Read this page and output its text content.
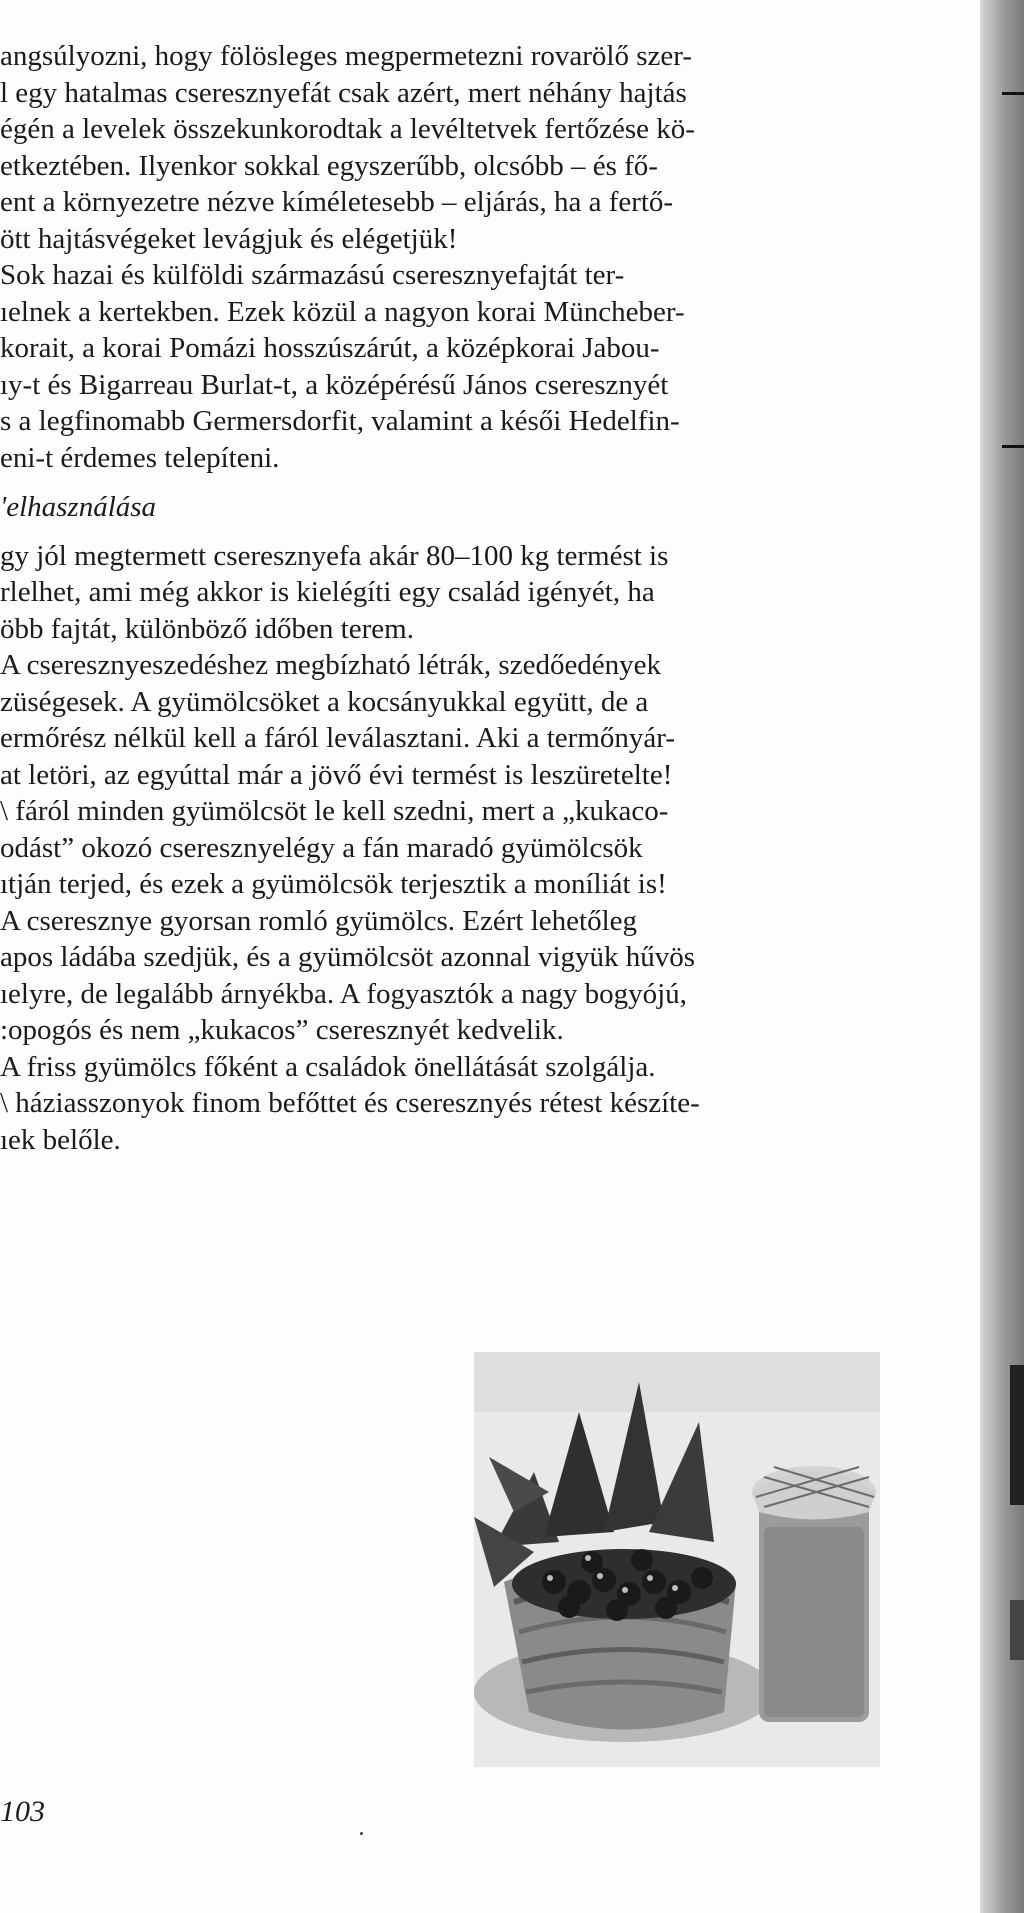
angsúlyozni, hogy fölösleges megpermetezni rovarölő szer-
l egy hatalmas cseresznyefát csak azért, mert néhány hajtás
égén a levelek összekunkorodtak a levéltetvek fertőzése kö-
etkeztében. Ilyenkor sokkal egyszerűbb, olcsóbb – és fő-
ent a környezetre nézve kíméletesebb – eljárás, ha a fertő-
ött hajtásvégeket levágjuk és elégetjük!
Sok hazai és külföldi származású cseresznyefajtát ter-
ıelnek a kertekben. Ezek közül a nagyon korai Müncheber-
korait, a korai Pomázi hosszúszárút, a középkorai Jabou-
ıy-t és Bigarreau Burlat-t, a középérésű János cseresznyét
s a legfinomabb Germersdorfit, valamint a késői Hedelfin-
eni-t érdemes telepíteni.
'elhasználása
gy jól megtermett cseresznyefa akár 80–100 kg termést is
rlelhet, ami még akkor is kielégíti egy család igényét, ha
öbb fajtát, különböző időben terem.
A cseresznyeszedéshez megbízható létrák, szedőedények
züségesek. A gyümölcsöket a kocsányukkal együtt, de a
ermőrész nélkül kell a fáról leválasztani. Aki a termőnyár-
at letöri, az egyúttal már a jövő évi termést is leszüretelte!
\ fáról minden gyümölcsöt le kell szedni, mert a „kukaco-
odást” okozó cseresznyelégy a fán maradó gyümölcsök
ıtján terjed, és ezek a gyümölcsök terjesztik a moníliát is!
A cseresznye gyorsan romló gyümölcs. Ezért lehetőleg
apos ládába szedjük, és a gyümölcsöt azonnal vigyük hűvös
ıelyre, de legalább árnyékba. A fogyasztók a nagy bogyójú,
:opogós és nem „kukacos” cseresznyét kedvelik.
A friss gyümölcs főként a családok önellátását szolgálja.
\ háziasszonyok finom befőttet és cseresznyés rétest készíte-
ıek belőle.
103
